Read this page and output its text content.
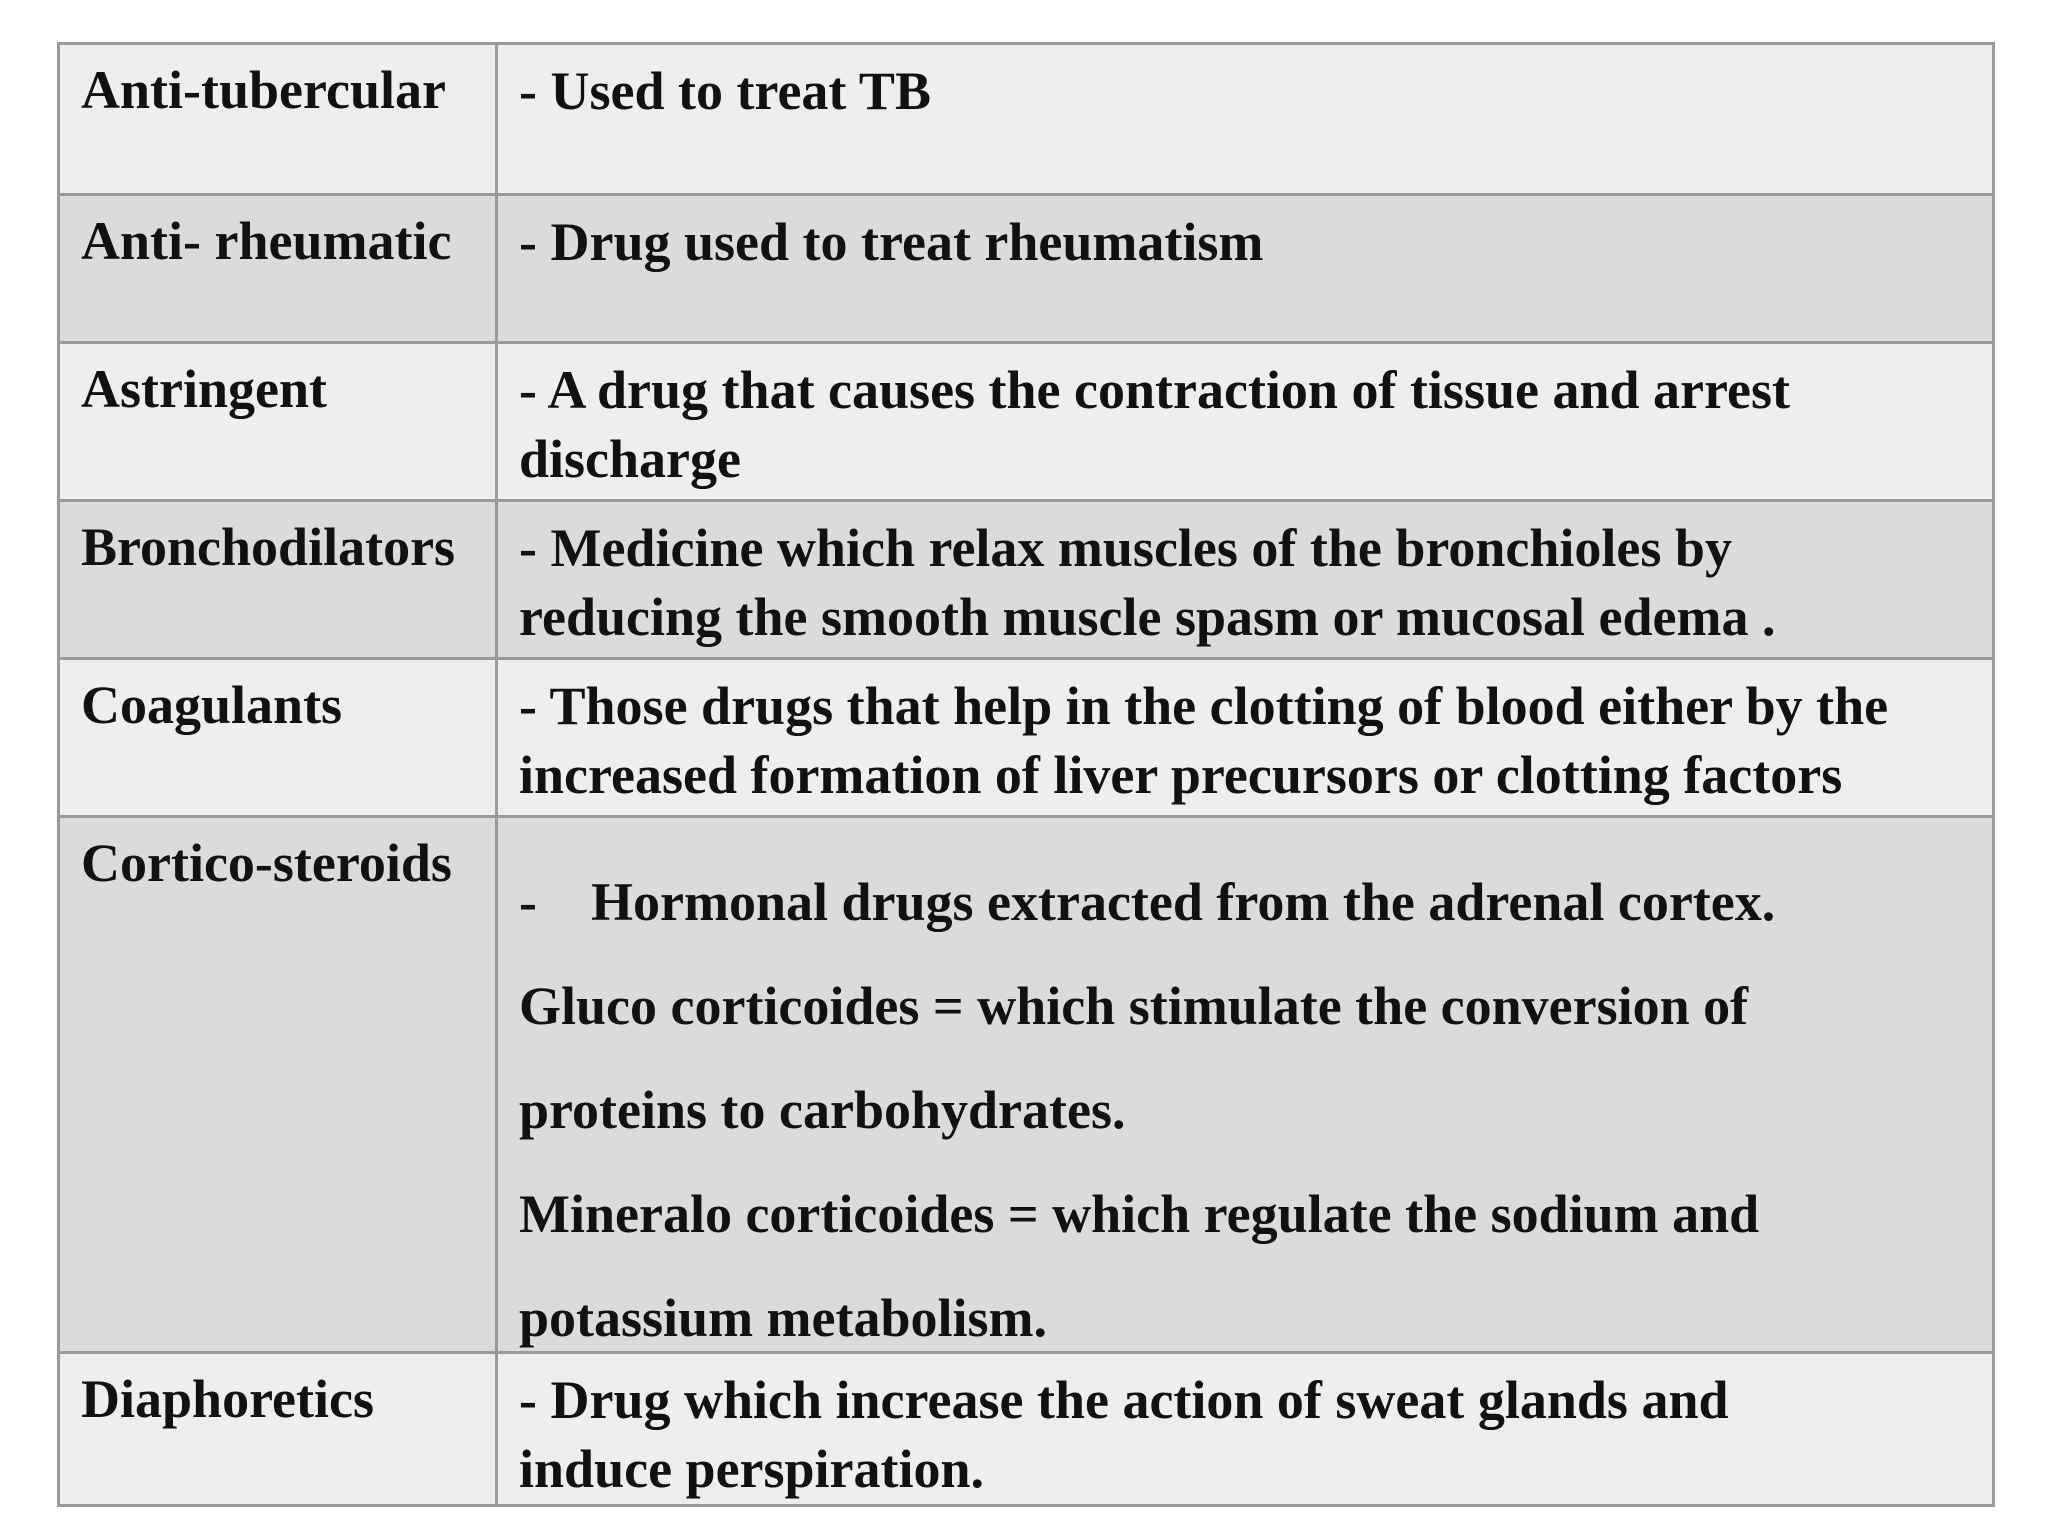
Anti-tubercular	- Used to treat TB

Anti- rheumatic	- Drug used to treat rheumatism

Astringent	- A drug that causes the contraction of tissue and arrest

discharge

Bronchodilators	- Medicine which relax muscles of the bronchioles by

reducing the smooth muscle spasm or mucosal edema .

Coagulants	- Those drugs that help in the clotting of blood either by the

increased formation of liver precursors or clotting factors

Cortico-steroids

- Hormonal drugs extracted from the adrenal cortex.

Gluco corticoides = which stimulate the conversion of

proteins to carbohydrates.

Mineralo corticoides = which regulate the sodium and

potassium metabolism.

Diaphoretics	- Drug which increase the action of sweat glands and

induce perspiration.
